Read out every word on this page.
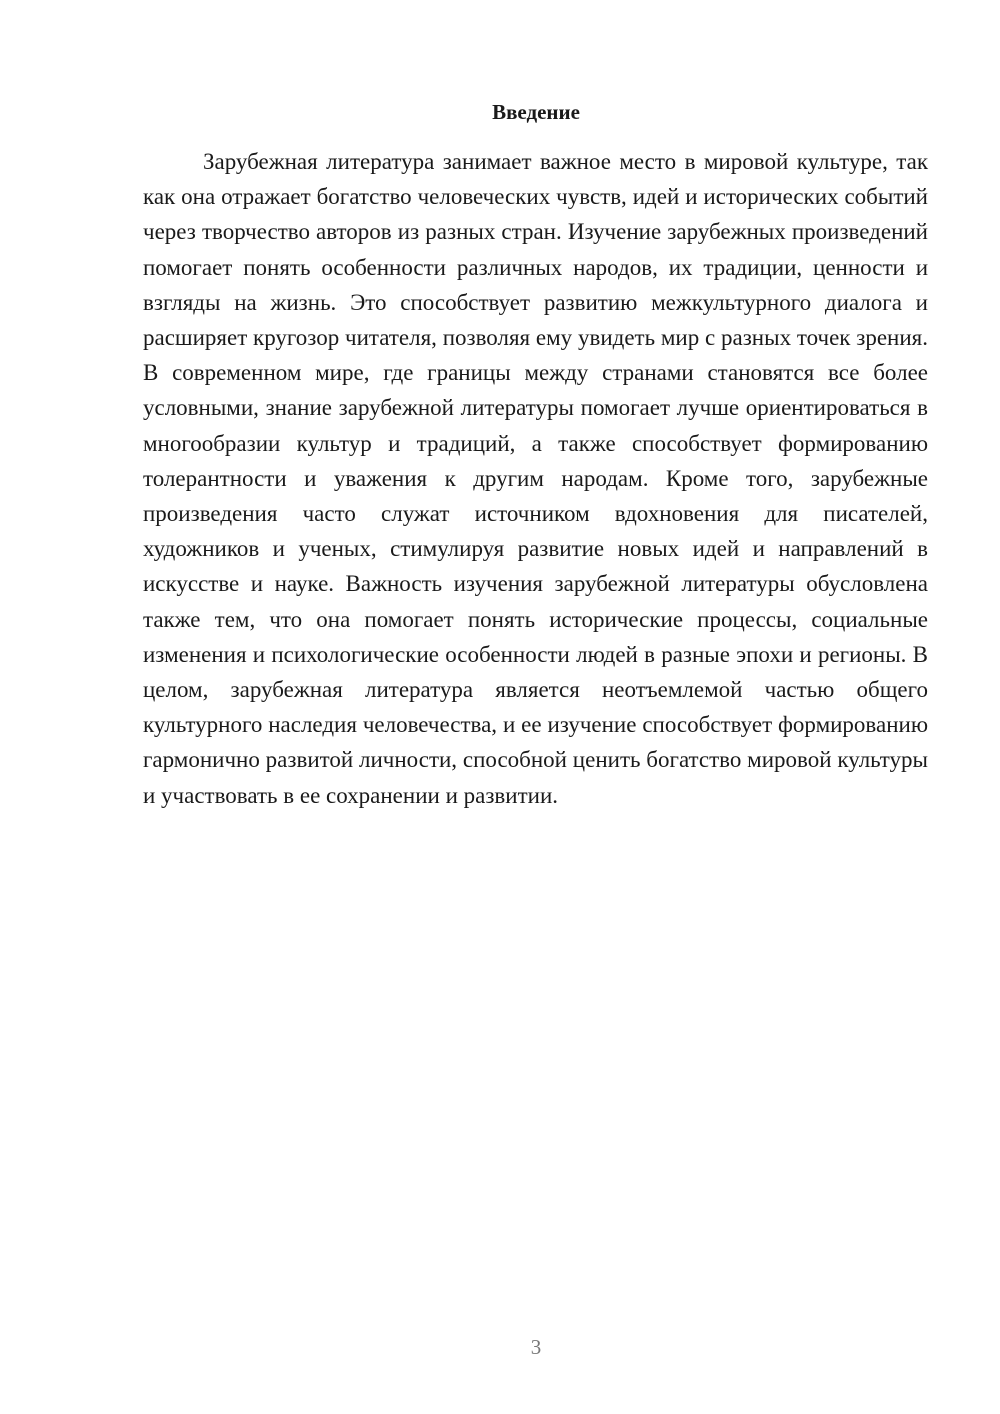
Введение

Зарубежная литература занимает важное место в мировой культуре, так как она отражает богатство человеческих чувств, идей и исторических событий через творчество авторов из разных стран. Изучение зарубежных произведений помогает понять особенности различных народов, их традиции, ценности и взгляды на жизнь. Это способствует развитию межкультурного диалога и расширяет кругозор читателя, позволяя ему увидеть мир с разных точек зрения. В современном мире, где границы между странами становятся все более условными, знание зарубежной литературы помогает лучше ориентироваться в многообразии культур и традиций, а также способствует формированию толерантности и уважения к другим народам. Кроме того, зарубежные произведения часто служат источником вдохновения для писателей, художников и ученых, стимулируя развитие новых идей и направлений в искусстве и науке. Важность изучения зарубежной литературы обусловлена также тем, что она помогает понять исторические процессы, социальные изменения и психологические особенности людей в разные эпохи и регионы. В целом, зарубежная литература является неотъемлемой частью общего культурного наследия человечества, и ее изучение способствует формированию гармонично развитой личности, способной ценить богатство мировой культуры и участвовать в ее сохранении и развитии.

3
